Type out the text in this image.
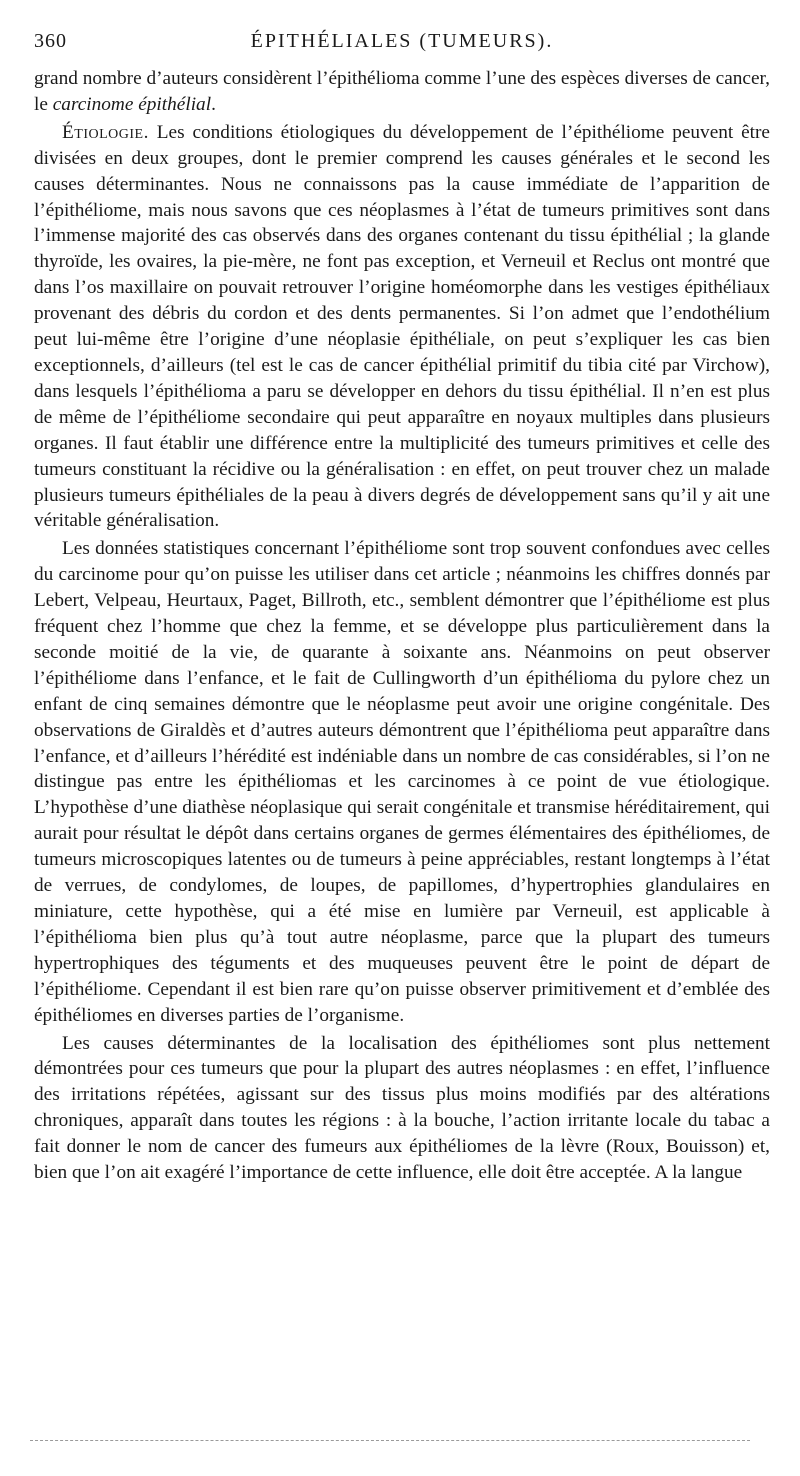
360	ÉPITHÉLIALES (TUMEURS).

grand nombre d’auteurs considèrent l’épithélioma comme l’une des espèces diverses de cancer, le carcinome épithélial.

Étiologie. Les conditions étiologiques du développement de l’épithéliome peuvent être divisées en deux groupes, dont le premier comprend les causes générales et le second les causes déterminantes. Nous ne connaissons pas la cause immédiate de l’apparition de l’épithéliome, mais nous savons que ces néoplasmes à l’état de tumeurs primitives sont dans l’immense majorité des cas observés dans des organes contenant du tissu épithélial ; la glande thyroïde, les ovaires, la pie-mère, ne font pas exception, et Verneuil et Reclus ont montré que dans l’os maxillaire on pouvait retrouver l’origine homéomorphe dans les vestiges épithéliaux provenant des débris du cordon et des dents permanentes. Si l’on admet que l’endothélium peut lui-même être l’origine d’une néoplasie épithéliale, on peut s’expliquer les cas bien exceptionnels, d’ailleurs (tel est le cas de cancer épithélial primitif du tibia cité par Virchow), dans lesquels l’épithélioma a paru se développer en dehors du tissu épithélial. Il n’en est plus de même de l’épithéliome secondaire qui peut apparaître en noyaux multiples dans plusieurs organes. Il faut établir une différence entre la multiplicité des tumeurs primitives et celle des tumeurs constituant la récidive ou la généralisation : en effet, on peut trouver chez un malade plusieurs tumeurs épithéliales de la peau à divers degrés de développement sans qu’il y ait une véritable généralisation.

Les données statistiques concernant l’épithéliome sont trop souvent confondues avec celles du carcinome pour qu’on puisse les utiliser dans cet article ; néanmoins les chiffres donnés par Lebert, Velpeau, Heurtaux, Paget, Billroth, etc., semblent démontrer que l’épithéliome est plus fréquent chez l’homme que chez la femme, et se développe plus particulièrement dans la seconde moitié de la vie, de quarante à soixante ans. Néanmoins on peut observer l’épithéliome dans l’enfance, et le fait de Cullingworth d’un épithélioma du pylore chez un enfant de cinq semaines démontre que le néoplasme peut avoir une origine congénitale. Des observations de Giraldès et d’autres auteurs démontrent que l’épithélioma peut apparaître dans l’enfance, et d’ailleurs l’hérédité est indéniable dans un nombre de cas considérables, si l’on ne distingue pas entre les épithéliomas et les carcinomes à ce point de vue étiologique. L’hypothèse d’une diathèse néoplasique qui serait congénitale et transmise héréditairement, qui aurait pour résultat le dépôt dans certains organes de germes élémentaires des épithéliomes, de tumeurs microscopiques latentes ou de tumeurs à peine appréciables, restant longtemps à l’état de verrues, de condylomes, de loupes, de papillomes, d’hypertrophies glandulaires en miniature, cette hypothèse, qui a été mise en lumière par Verneuil, est applicable à l’épithélioma bien plus qu’à tout autre néoplasme, parce que la plupart des tumeurs hypertrophiques des téguments et des muqueuses peuvent être le point de départ de l’épithéliome. Cependant il est bien rare qu’on puisse observer primitivement et d’emblée des épithéliomes en diverses parties de l’organisme.

Les causes déterminantes de la localisation des épithéliomes sont plus nettement démontrées pour ces tumeurs que pour la plupart des autres néoplasmes : en effet, l’influence des irritations répétées, agissant sur des tissus plus moins modifiés par des altérations chroniques, apparaît dans toutes les régions : à la bouche, l’action irritante locale du tabac a fait donner le nom de cancer des fumeurs aux épithéliomes de la lèvre (Roux, Bouisson) et, bien que l’on ait exagéré l’importance de cette influence, elle doit être acceptée. A la langue
